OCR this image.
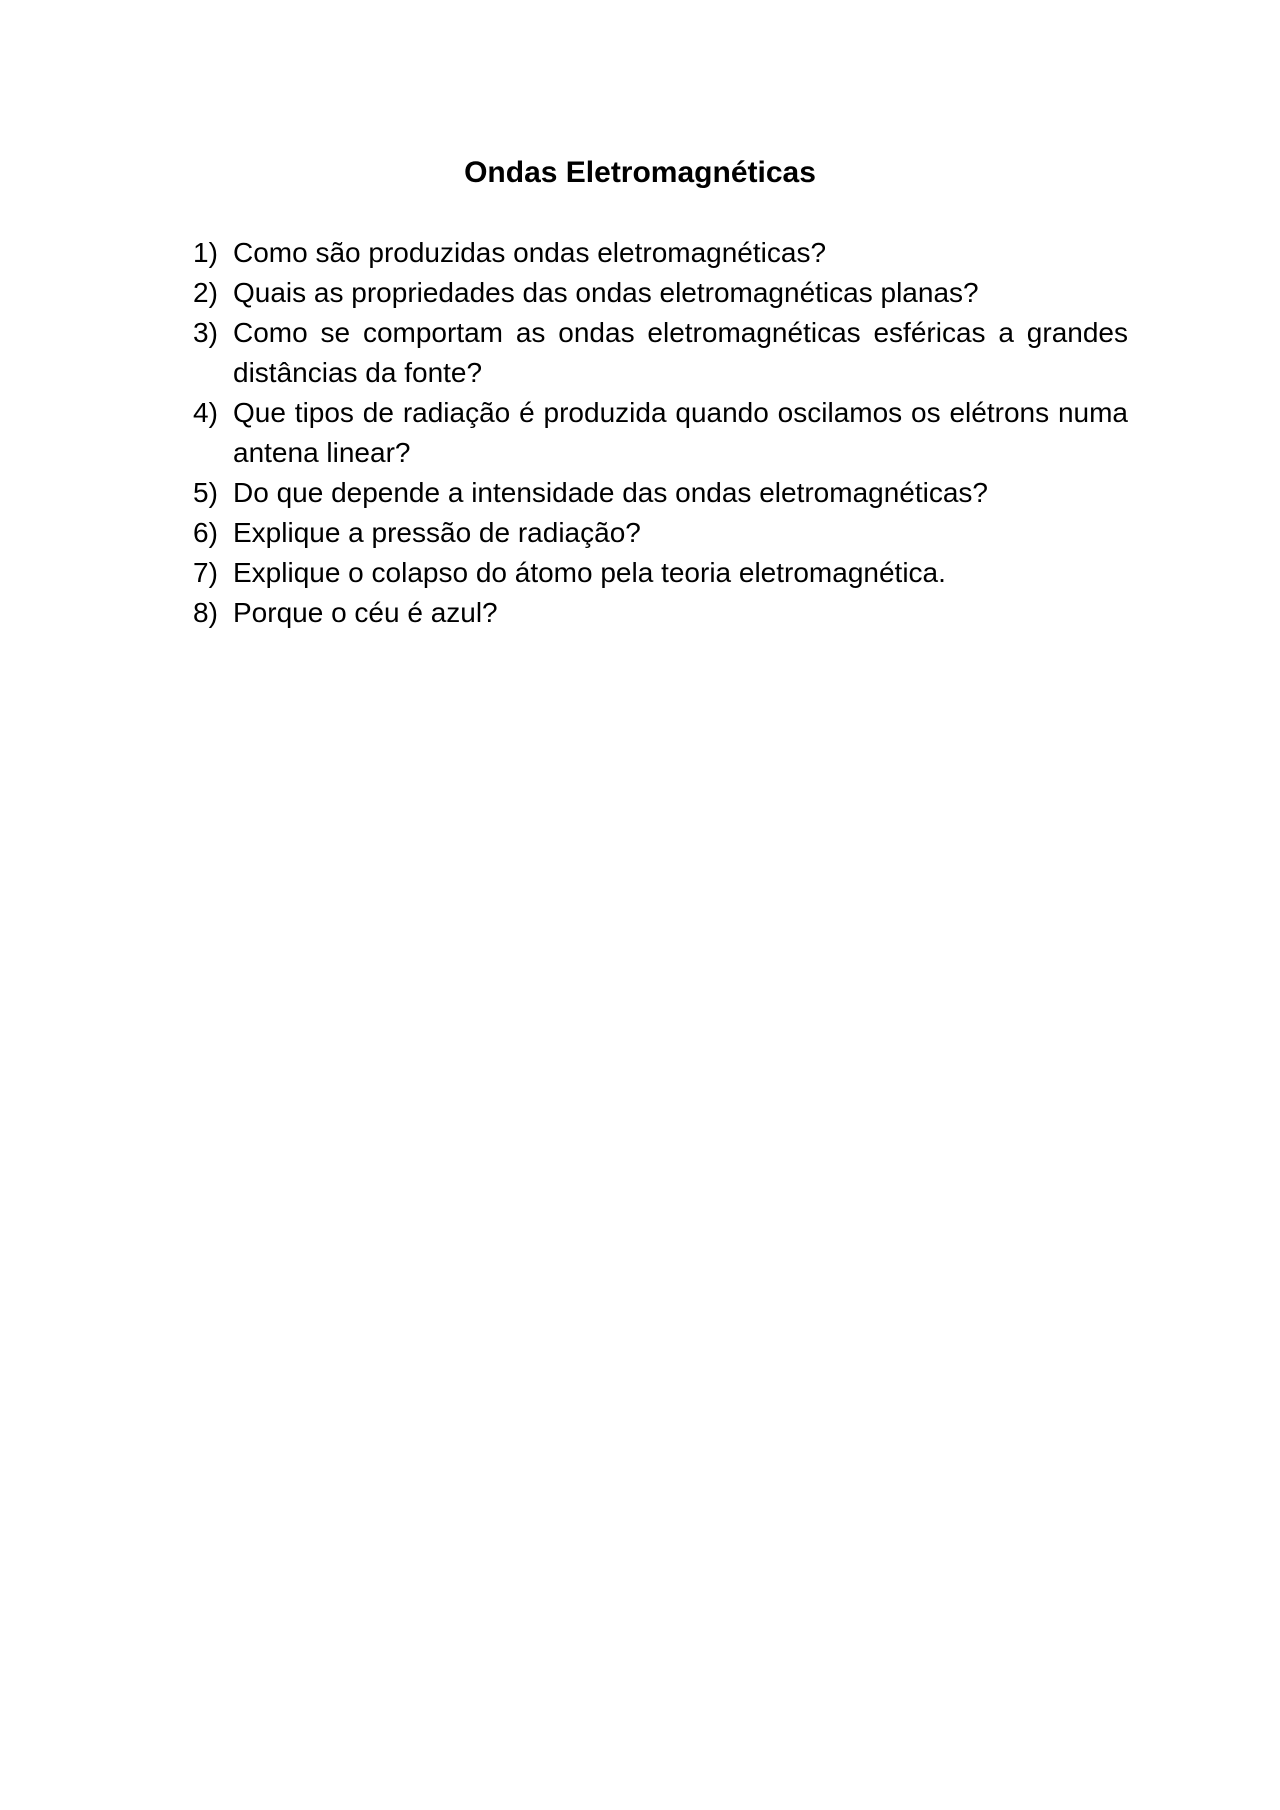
Ondas Eletromagnéticas
1) Como são produzidas ondas eletromagnéticas?
2) Quais as propriedades das ondas eletromagnéticas planas?
3) Como se comportam as ondas eletromagnéticas esféricas a grandes distâncias da fonte?
4) Que tipos de radiação é produzida quando oscilamos os elétrons numa antena linear?
5) Do que depende a intensidade das ondas eletromagnéticas?
6) Explique a pressão de radiação?
7) Explique o colapso do átomo pela teoria eletromagnética.
8) Porque o céu é azul?
